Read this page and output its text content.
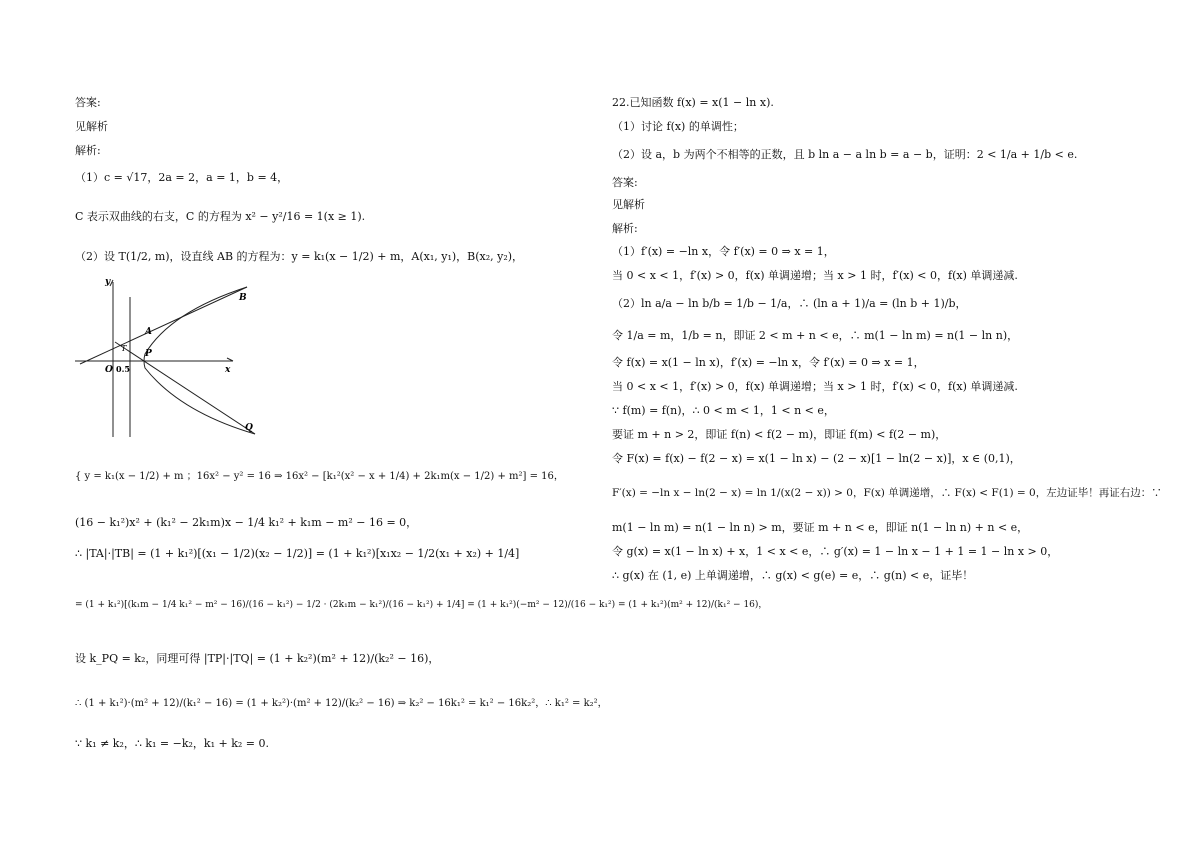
答案:
见解析
解析:
（1）c = √17，2a = 2，a = 1，b = 4，
C 表示双曲线的右支，C 的方程为 x² − y²/16 = 1(x ≥ 1).
（2）设 T(1/2, m)，设直线 AB 的方程为：y = k₁(x − 1/2) + m，A(x₁, y₁)，B(x₂, y₂)，
y
x
O 0.5
T
A
P
B
Q
{ y = k₁(x − 1/2) + m ；16x² − y² = 16 ⇒ 16x² − [k₁²(x² − x + 1/4) + 2k₁m(x − 1/2) + m²] = 16，
(16 − k₁²)x² + (k₁² − 2k₁m)x − 1/4 k₁² + k₁m − m² − 16 = 0，
∴ |TA|·|TB| = (1 + k₁²)[(x₁ − 1/2)(x₂ − 1/2)] = (1 + k₁²)[x₁x₂ − 1/2(x₁ + x₂) + 1/4]
= (1 + k₁²)[(k₁m − 1/4 k₁² − m² − 16)/(16 − k₁²) − 1/2 · (2k₁m − k₁²)/(16 − k₁²) + 1/4] = (1 + k₁²)(−m² − 12)/(16 − k₁²) = (1 + k₁²)(m² + 12)/(k₁² − 16)，
设 k_PQ = k₂，同理可得 |TP|·|TQ| = (1 + k₂²)(m² + 12)/(k₂² − 16)，
∴ (1 + k₁²)·(m² + 12)/(k₁² − 16) = (1 + k₂²)·(m² + 12)/(k₂² − 16) ⇒ k₂² − 16k₁² = k₁² − 16k₂²，∴ k₁² = k₂²，
∵ k₁ ≠ k₂，∴ k₁ = −k₂，k₁ + k₂ = 0.
22.已知函数 f(x) = x(1 − ln x).
（1）讨论 f(x) 的单调性；
（2）设 a，b 为两个不相等的正数，且 b ln a − a ln b = a − b，证明：2 < 1/a + 1/b < e.
答案:
见解析
解析:
（1）f′(x) = −ln x，令 f′(x) = 0 ⇒ x = 1，
当 0 < x < 1，f′(x) > 0，f(x) 单调递增；当 x > 1 时，f′(x) < 0，f(x) 单调递减.
（2）ln a/a − ln b/b = 1/b − 1/a，∴ (ln a + 1)/a = (ln b + 1)/b，
令 1/a = m，1/b = n，即证 2 < m + n < e，∴ m(1 − ln m) = n(1 − ln n)，
令 f(x) = x(1 − ln x)，f′(x) = −ln x，令 f′(x) = 0 ⇒ x = 1，
当 0 < x < 1，f′(x) > 0，f(x) 单调递增；当 x > 1 时，f′(x) < 0，f(x) 单调递减.
∵ f(m) = f(n)，∴ 0 < m < 1，1 < n < e，
要证 m + n > 2，即证 f(n) < f(2 − m)，即证 f(m) < f(2 − m)，
令 F(x) = f(x) − f(2 − x) = x(1 − ln x) − (2 − x)[1 − ln(2 − x)]，x ∈ (0,1)，
F′(x) = −ln x − ln(2 − x) = ln 1/(x(2 − x)) > 0，F(x) 单调递增，∴ F(x) < F(1) = 0，左边证毕！再证右边：∵
m(1 − ln m) = n(1 − ln n) > m，要证 m + n < e，即证 n(1 − ln n) + n < e，
令 g(x) = x(1 − ln x) + x，1 < x < e，∴ g′(x) = 1 − ln x − 1 + 1 = 1 − ln x > 0，
∴ g(x) 在 (1, e) 上单调递增，∴ g(x) < g(e) = e，∴ g(n) < e，证毕！
